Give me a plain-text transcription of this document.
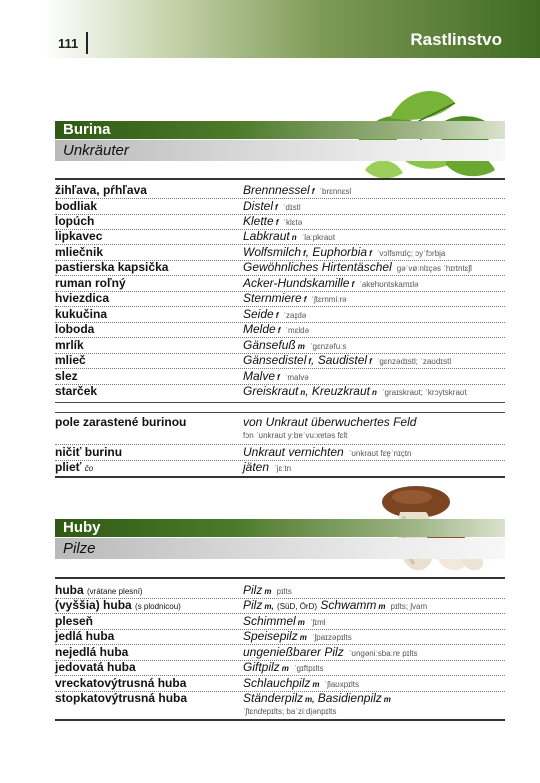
111	Rastlinstvo
Burina
Unkräuter
žihľava, pŕhľava	Brennnessel f ˈbrɛnnɛsl
bodliak	Distel f ˈdɪstl
lopúch	Klette f ˈklɛtə
lipkavec	Labkraut n ˈlaːpkraʊt
mliečnik	Wolfsmilch f, Euphorbia f ˈvɔlfsmɪlç; ɔyˈfɔrbi̯a
pastierska kapsička	Gewöhnliches Hirtentäschel ɡəˈvøːnlɪçəs ˈhɪrtntɛʃl
ruman roľný	Acker-Hundskamille f ˈakɐhʊntskamɪlə
hviezdica	Sternmiere f ˈʃtɛrnmiːrə
kukučina	Seide f ˈzaɪ̯də
loboda	Melde f ˈmɛldə
mrlík	Gänsefuß m ˈɡɛnzəfuːs
mlieč	Gänsedistel f, Saudistel f ˈɡɛnzədɪstl; ˈzaʊdɪstl
slez	Malve f ˈmalvə
starček	Greiskraut n, Kreuzkraut n ˈɡraɪskraʊt; ˈkrɔytskraʊt
pole zarastené burinou	von Unkraut überwuchertes Feld
fɔn ˈʊnkraʊt yːbɐˈvuːxɐtəs fɛlt
ničiť burinu	Unkraut vernichten ˈʊnkraʊt fɛɐ̯ˈnɪçtn
plieť čo	jäten ˈjɛːtn
Huby
Pilze
huba (vrátane plesní)	Pilz m pɪlts
(vyššia) huba (s plodnicou)	Pilz m, (SüD, ÖrD) Schwamm m pɪlts; ʃvam
pleseň	Schimmel m ˈʃɪml
jedlá huba	Speisepilz m ˈʃpaɪzəpɪlts
nejedlá huba	ungenießbarer Pilz ˈʊnɡəniːsbaːrɐ pɪlts
jedovatá huba	Giftpilz m ˈɡɪftpɪlts
vreckatovýtrusná huba	Schlauchpilz m ˈʃlaʊxpɪlts
stopkatovýtrusná huba	Ständerpilz m, Basidienpilz m
ˈʃtɛndɐpɪlts; baˈziːdi̯ənpɪlts
